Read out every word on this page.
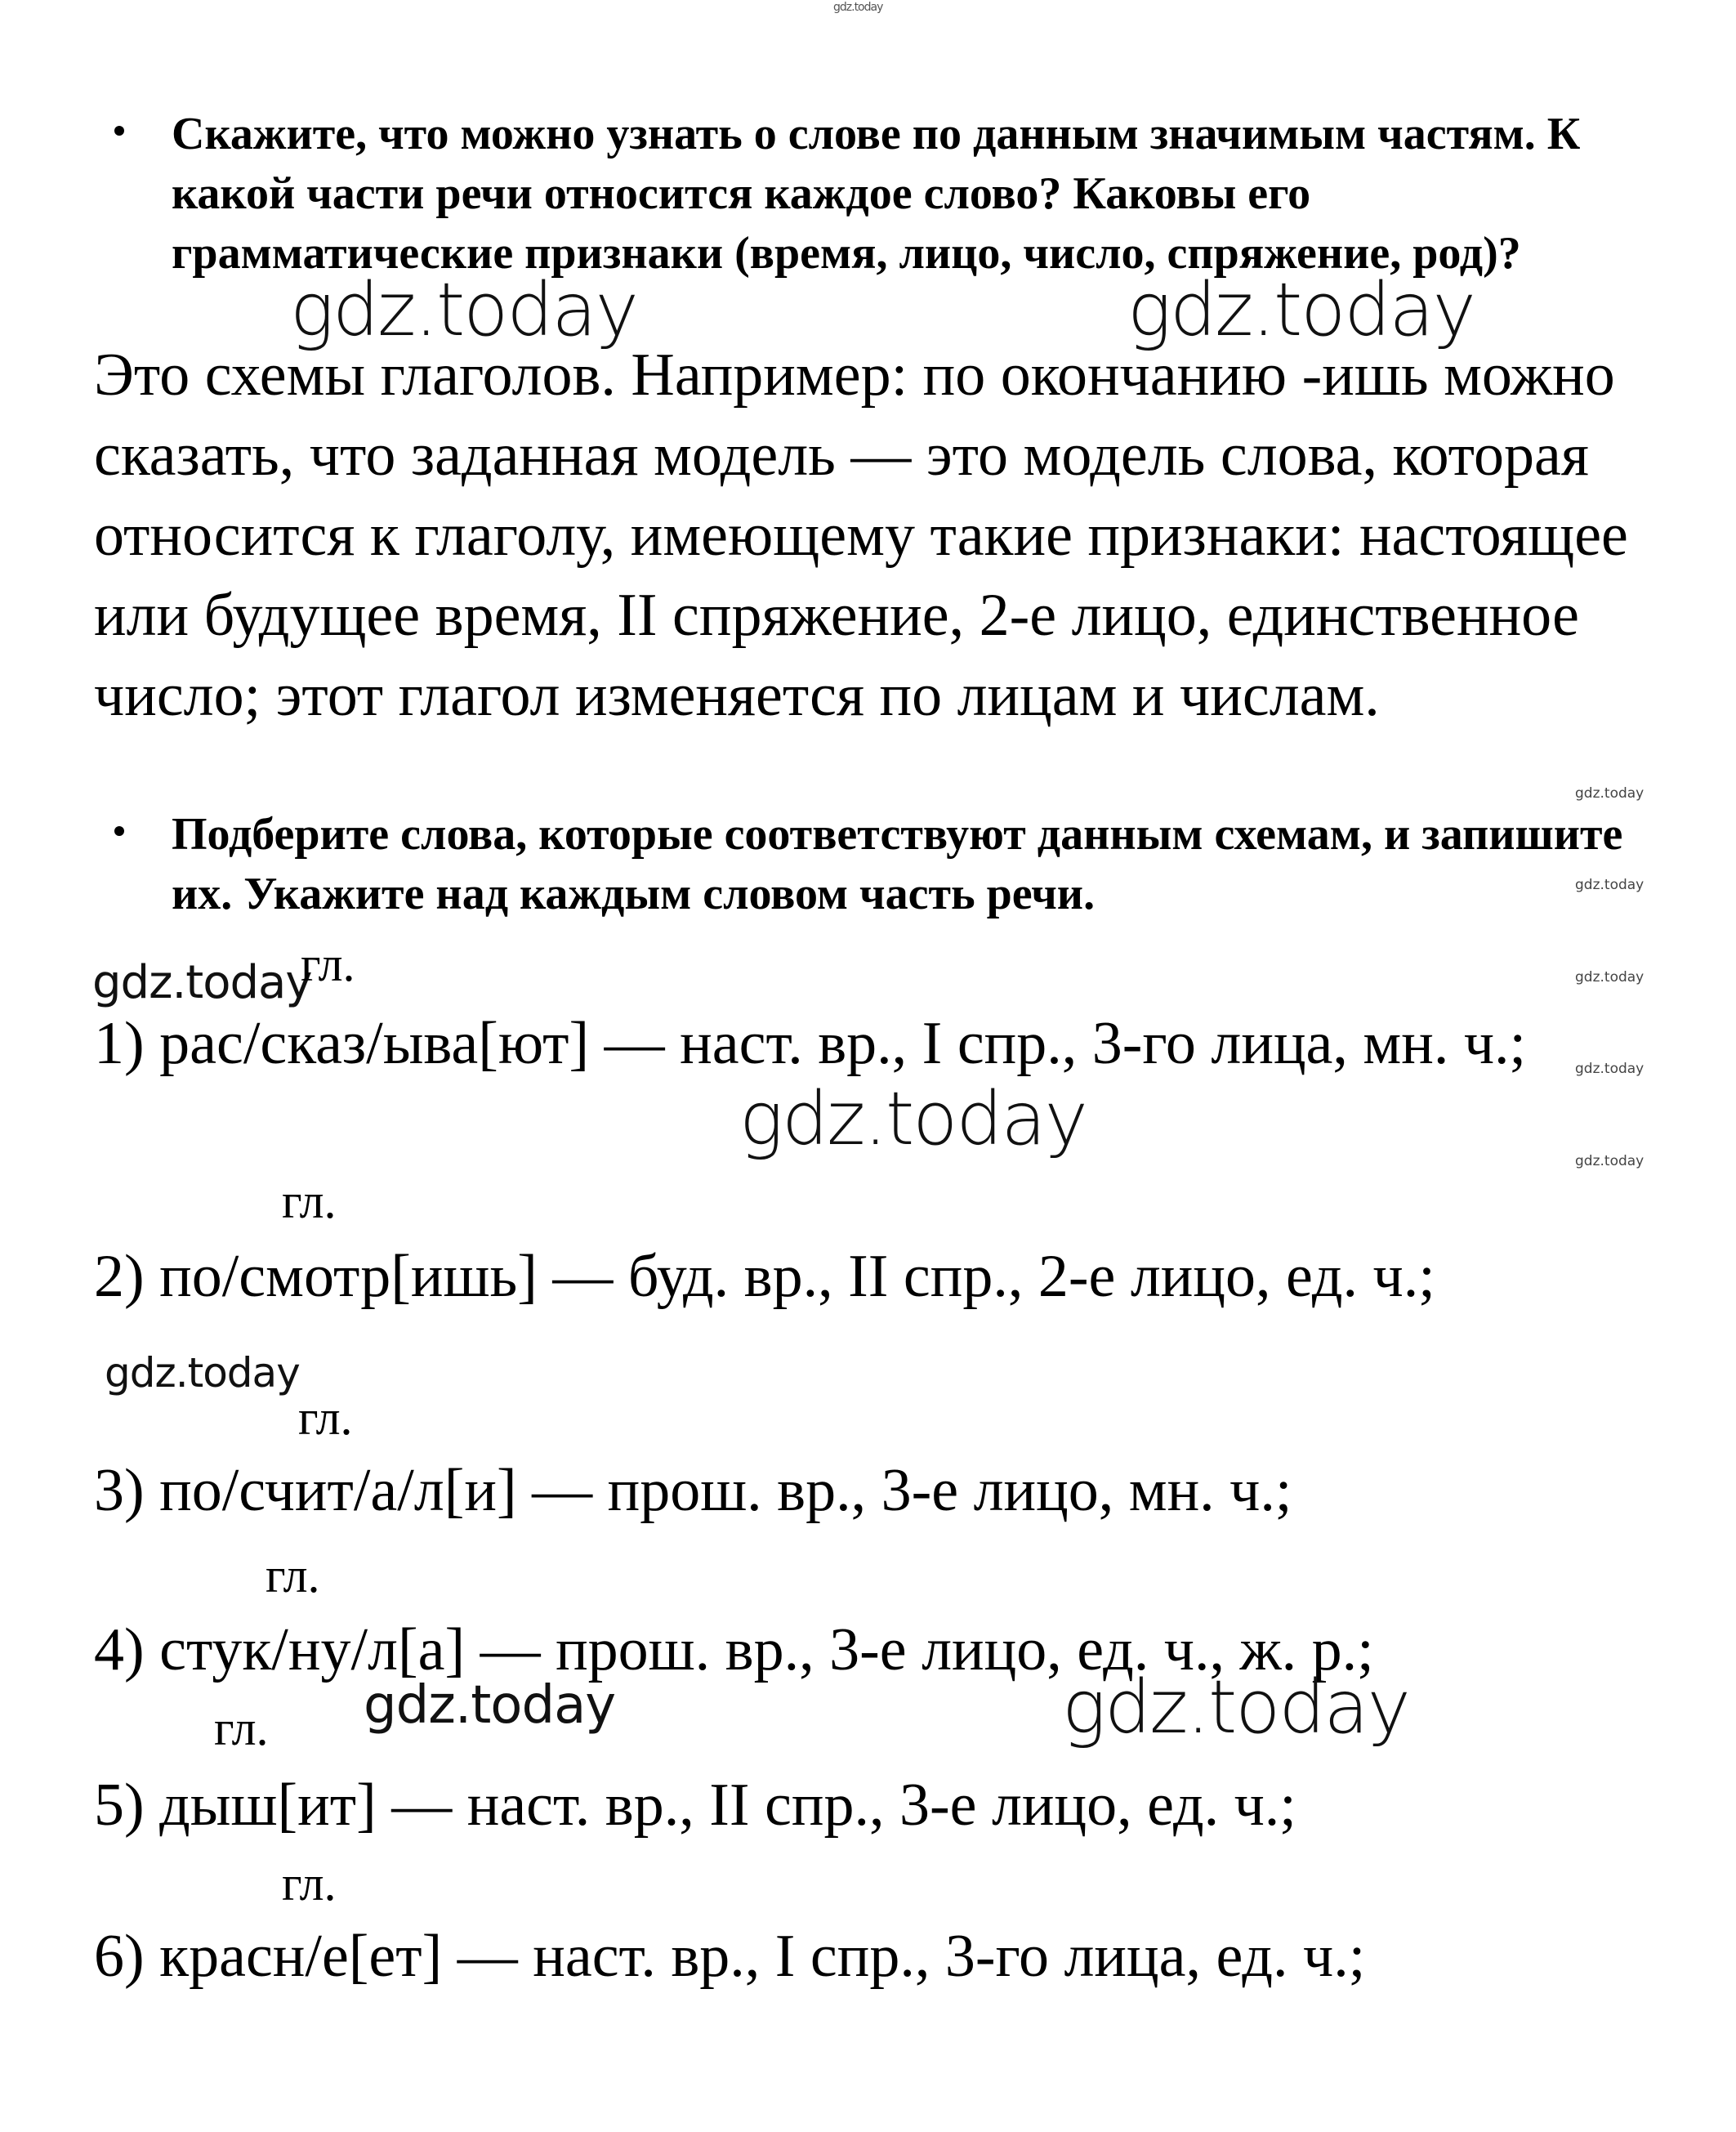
gdz.today
Скажите, что можно узнать о слове по данным значимым частям. К какой части речи относится каждое слово? Каковы его грамматические признаки (время, лицо, число, спряжение, род)?
gdz.today	gdz.today
Это схемы глаголов. Например: по окончанию -ишь можно сказать, что заданная модель — это модель слова, которая относится к глаголу, имеющему такие признаки: настоящее или будущее время, II спряжение, 2-е лицо, единственное число; этот глагол изменяется по лицам и числам.
gdz.today
gdz.today
gdz.today
gdz.today
gdz.today
Подберите слова, которые соответствуют данным схемам, и запишите их. Укажите над каждым словом часть речи.
gdz.today
гл.
1) рас/сказ/ыва[ют] — наст. вр., I спр., 3-го лица, мн. ч.;
gdz.today
гл.
2) по/смотр[ишь] — буд. вр., II спр., 2-е лицо, ед. ч.;
gdz.today
гл.
3) по/счит/а/л[и] — прош. вр., 3-е лицо, мн. ч.;
гл.
4) стук/ну/л[а] — прош. вр., 3-е лицо, ед. ч., ж. р.;
гл. gdz.today	gdz.today
5) дыш[ит] — наст. вр., II спр., 3-е лицо, ед. ч.;
гл.
6) красн/е[ет] — наст. вр., I спр., 3-го лица, ед. ч.;
